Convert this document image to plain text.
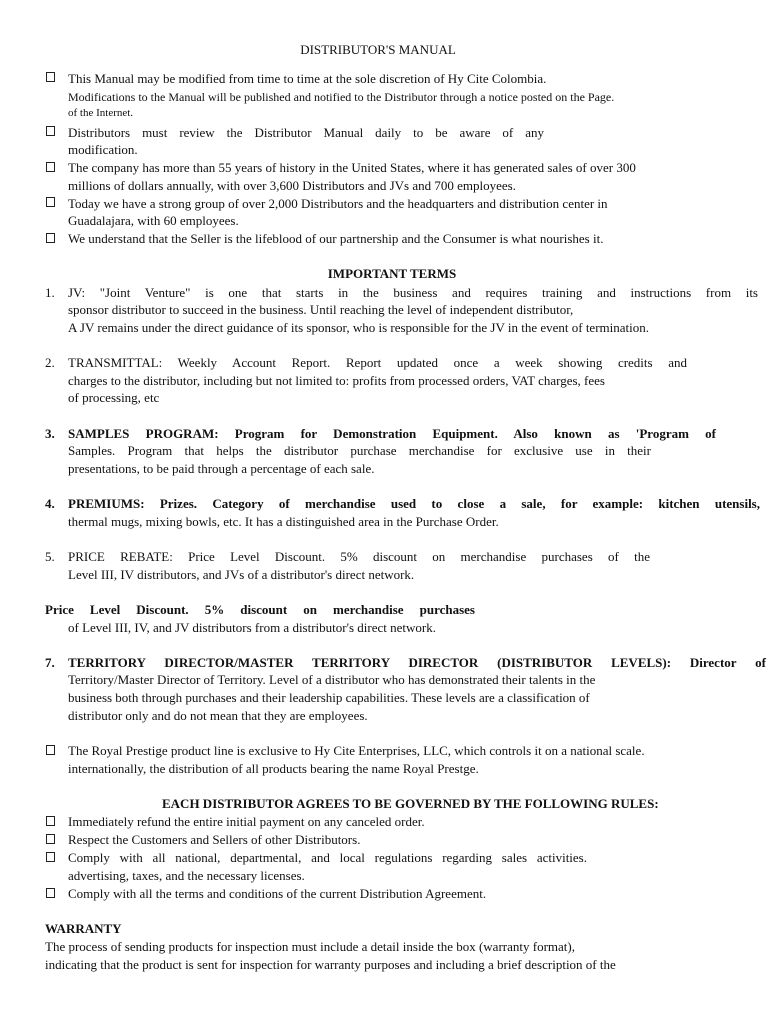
DISTRIBUTOR'S MANUAL
This Manual may be modified from time to time at the sole discretion of Hy Cite Colombia.
Modifications to the Manual will be published and notified to the Distributor through a notice posted on the Page.
of the Internet.
Distributors must review the Distributor Manual daily to be aware of any
modification.
The company has more than 55 years of history in the United States, where it has generated sales of over 300
millions of dollars annually, with over 3,600 Distributors and JVs and 700 employees.
Today we have a strong group of over 2,000 Distributors and the headquarters and distribution center in
Guadalajara, with 60 employees.
We understand that the Seller is the lifeblood of our partnership and the Consumer is what nourishes it.
IMPORTANT TERMS
1. JV: "Joint Venture" is one that starts in the business and requires training and instructions from its
sponsor distributor to succeed in the business. Until reaching the level of independent distributor,
A JV remains under the direct guidance of its sponsor, who is responsible for the JV in the event of termination.
2. TRANSMITTAL: Weekly Account Report. Report updated once a week showing credits and
charges to the distributor, including but not limited to: profits from processed orders, VAT charges, fees
of processing, etc
3. SAMPLES PROGRAM: Program for Demonstration Equipment. Also known as 'Program of
Samples. Program that helps the distributor purchase merchandise for exclusive use in their
presentations, to be paid through a percentage of each sale.
4. PREMIUMS: Prizes. Category of merchandise used to close a sale, for example: kitchen utensils,
thermal mugs, mixing bowls, etc. It has a distinguished area in the Purchase Order.
5. PRICE REBATE: Price Level Discount. 5% discount on merchandise purchases of the
Level III, IV distributors, and JVs of a distributor's direct network.
Price Level Discount. 5% discount on merchandise purchases
of Level III, IV, and JV distributors from a distributor's direct network.
7. TERRITORY DIRECTOR/MASTER TERRITORY DIRECTOR (DISTRIBUTOR LEVELS): Director of
Territory/Master Director of Territory. Level of a distributor who has demonstrated their talents in the
business both through purchases and their leadership capabilities. These levels are a classification of
distributor only and do not mean that they are employees.
The Royal Prestige product line is exclusive to Hy Cite Enterprises, LLC, which controls it on a national scale.
internationally, the distribution of all products bearing the name Royal Prestge.
EACH DISTRIBUTOR AGREES TO BE GOVERNED BY THE FOLLOWING RULES:
Immediately refund the entire initial payment on any canceled order.
Respect the Customers and Sellers of other Distributors.
Comply with all national, departmental, and local regulations regarding sales activities.
advertising, taxes, and the necessary licenses.
Comply with all the terms and conditions of the current Distribution Agreement.
WARRANTY
The process of sending products for inspection must include a detail inside the box (warranty format),
indicating that the product is sent for inspection for warranty purposes and including a brief description of the
